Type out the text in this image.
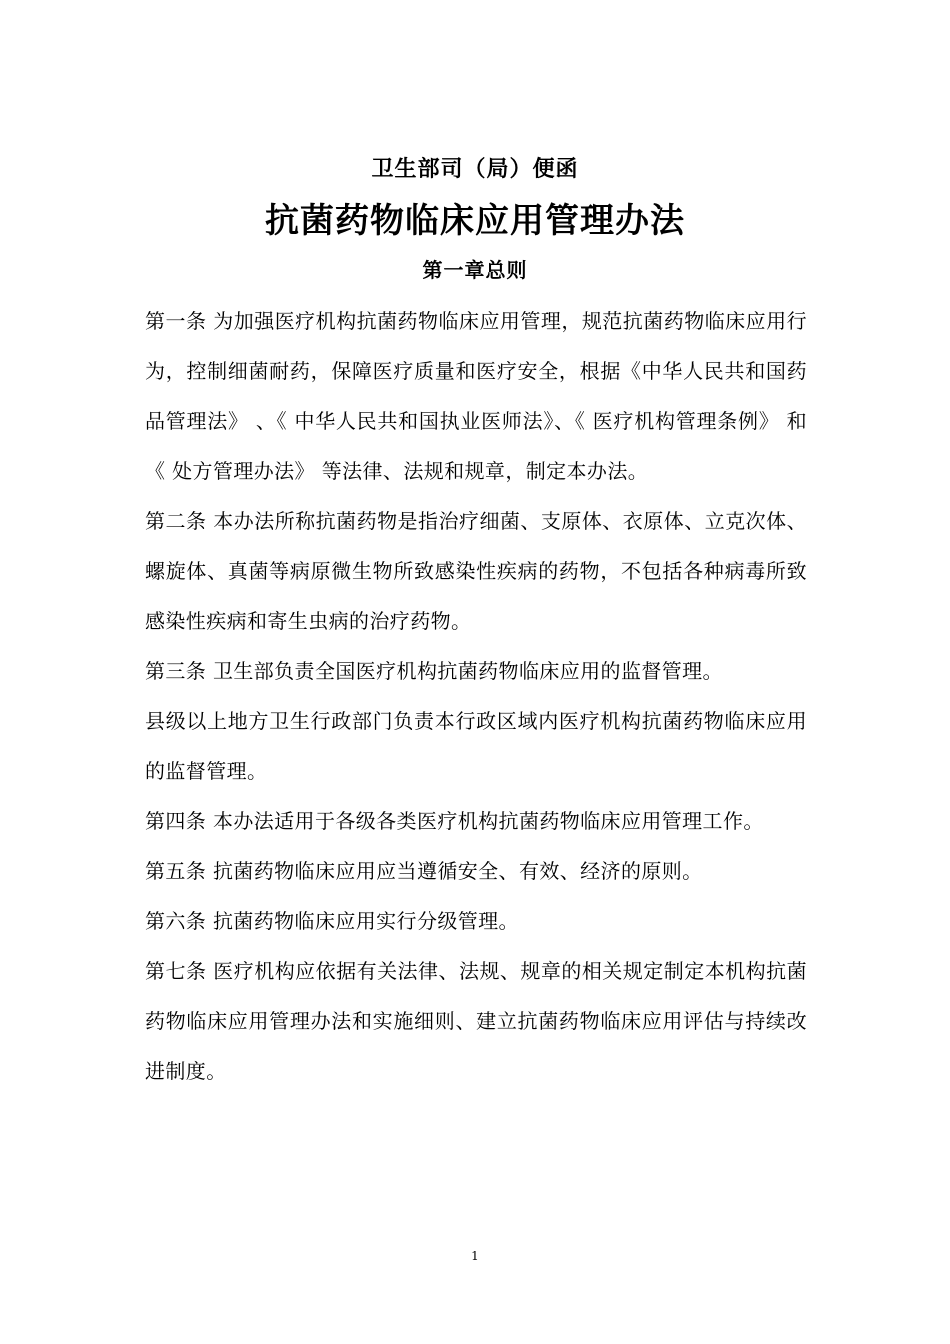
卫生部司（局）便函
抗菌药物临床应用管理办法
第一章总则

第一条 为加强医疗机构抗菌药物临床应用管理，规范抗菌药物临床应用行为，控制细菌耐药，保障医疗质量和医疗安全，根据《中华人民共和国药品管理法》 、《 中华人民共和国执业医师法》、《 医疗机构管理条例》 和《 处方管理办法》 等法律、法规和规章，制定本办法。

第二条 本办法所称抗菌药物是指治疗细菌、支原体、衣原体、立克次体、螺旋体、真菌等病原微生物所致感染性疾病的药物，不包括各种病毒所致感染性疾病和寄生虫病的治疗药物。

第三条 卫生部负责全国医疗机构抗菌药物临床应用的监督管理。

县级以上地方卫生行政部门负责本行政区域内医疗机构抗菌药物临床应用的监督管理。

第四条 本办法适用于各级各类医疗机构抗菌药物临床应用管理工作。

第五条 抗菌药物临床应用应当遵循安全、有效、经济的原则。

第六条 抗菌药物临床应用实行分级管理。

第七条 医疗机构应依据有关法律、法规、规章的相关规定制定本机构抗菌药物临床应用管理办法和实施细则、建立抗菌药物临床应用评估与持续改进制度。

1
